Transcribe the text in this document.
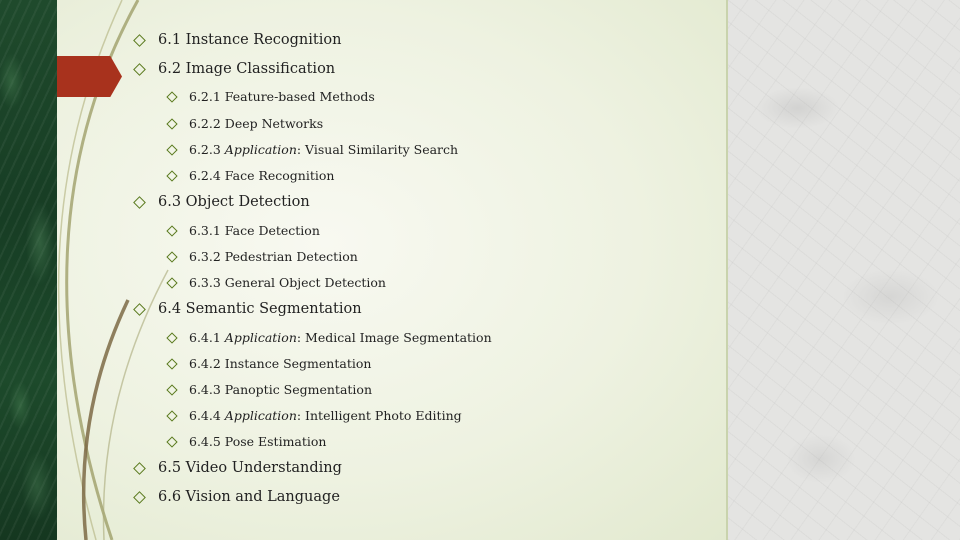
6.1
Instance Recognition
6.2
Image Classification
6.2.1
Feature-based Methods
6.2.2
Deep Networks
6.2.3
Application : Visual Similarity Search
6.2.4
Face Recognition
6.3
Object Detection
6.3.1
Face Detection
6.3.2
Pedestrian Detection
6.3.3
General Object Detection
6.4
Semantic Segmentation
6.4.1
Application : Medical Image Segmentation
6.4.2
Instance Segmentation
6.4.3
Panoptic Segmentation
6.4.4
Application : Intelligent Photo Editing
6.4.5
Pose Estimation
6.5
Video Understanding
6.6
Vision and Language
